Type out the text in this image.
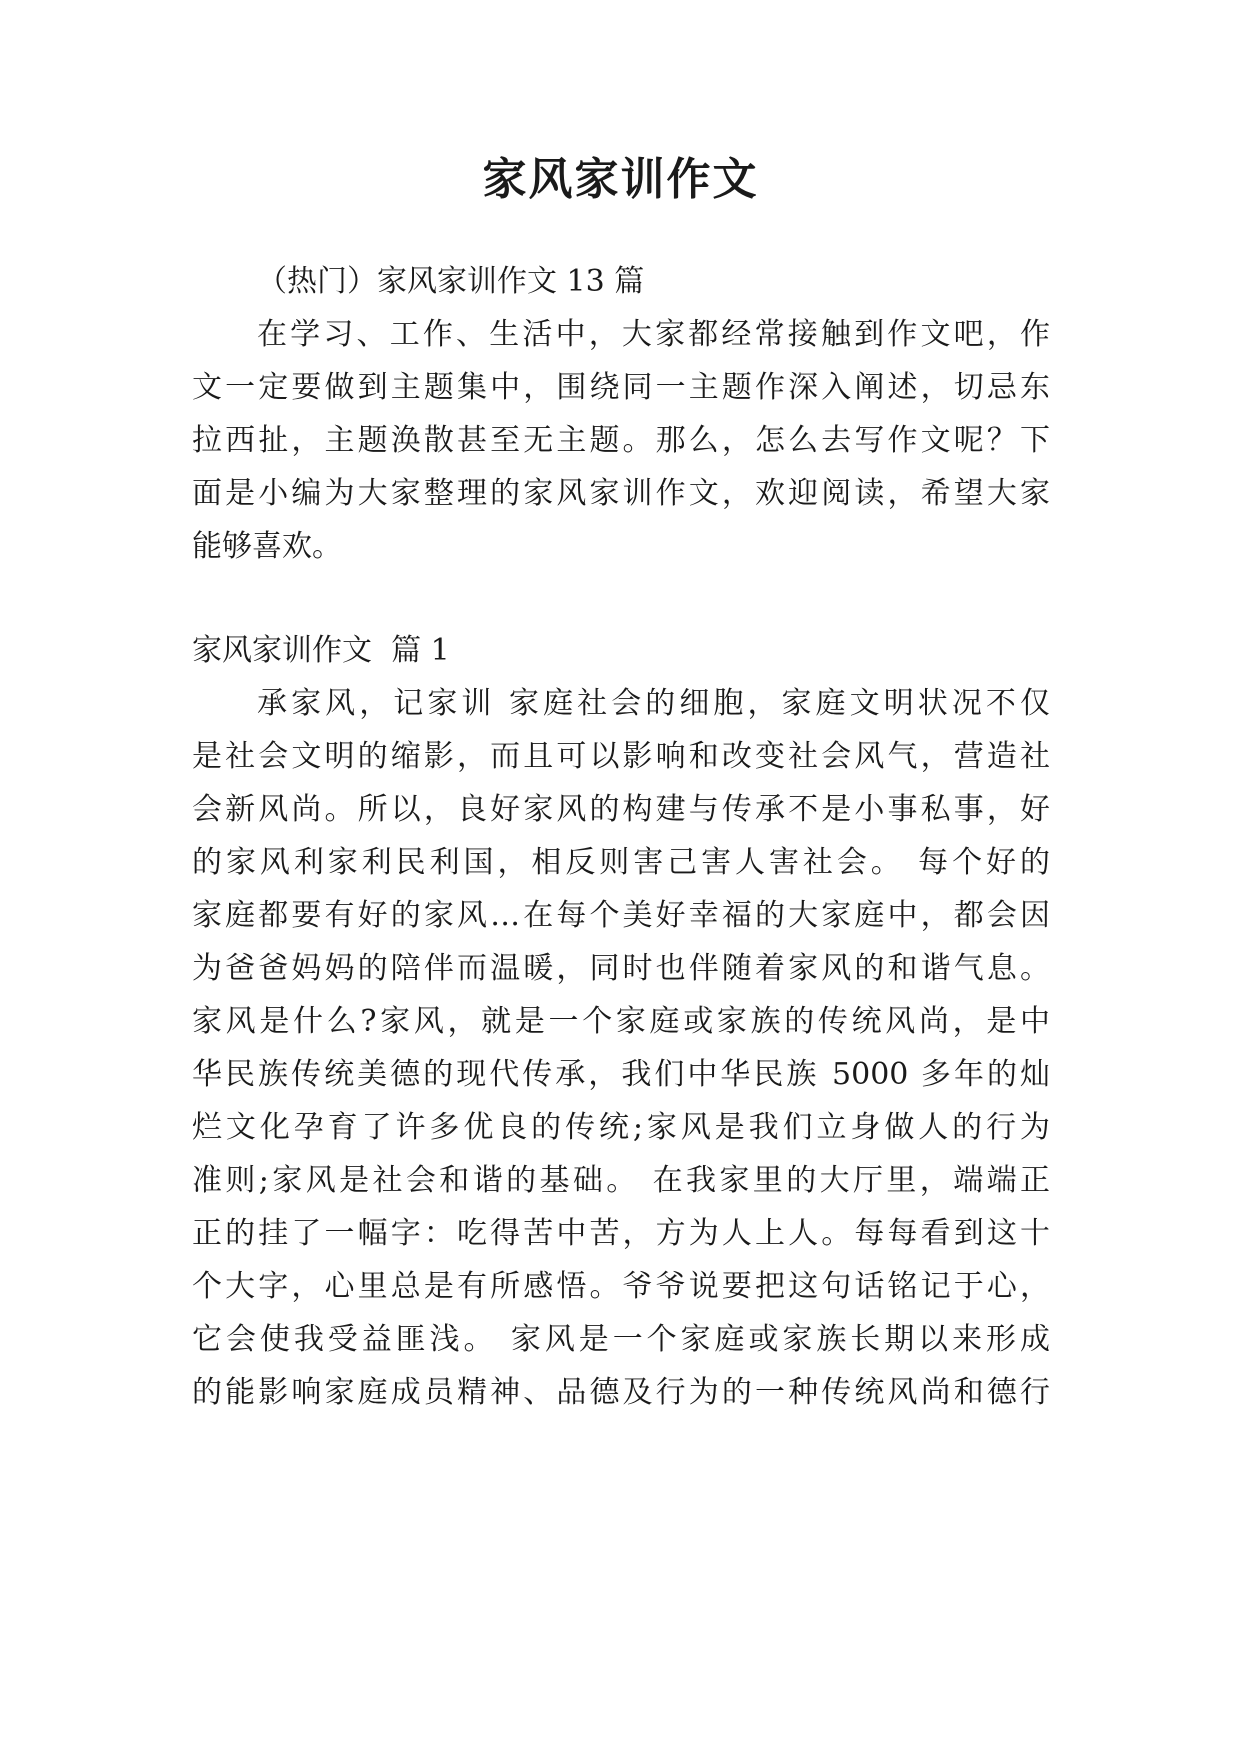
家风家训作文
（热门）家风家训作文 13 篇
在学习、工作、生活中，大家都经常接触到作文吧，作
文一定要做到主题集中，围绕同一主题作深入阐述，切忌东
拉西扯，主题涣散甚至无主题。那么，怎么去写作文呢？下
面是小编为大家整理的家风家训作文，欢迎阅读，希望大家
能够喜欢。
家风家训作文  篇 1
承家风，记家训 家庭社会的细胞，家庭文明状况不仅
是社会文明的缩影，而且可以影响和改变社会风气，营造社
会新风尚。所以，良好家风的构建与传承不是小事私事，好
的家风利家利民利国，相反则害己害人害社会。 每个好的
家庭都要有好的家风…在每个美好幸福的大家庭中，都会因
为爸爸妈妈的陪伴而温暖，同时也伴随着家风的和谐气息。
家风是什么?家风，就是一个家庭或家族的传统风尚，是中
华民族传统美德的现代传承，我们中华民族 5000 多年的灿
烂文化孕育了许多优良的传统;家风是我们立身做人的行为
准则;家风是社会和谐的基础。 在我家里的大厅里，端端正
正的挂了一幅字：吃得苦中苦，方为人上人。每每看到这十
个大字，心里总是有所感悟。爷爷说要把这句话铭记于心，
它会使我受益匪浅。 家风是一个家庭或家族长期以来形成
的能影响家庭成员精神、品德及行为的一种传统风尚和德行
